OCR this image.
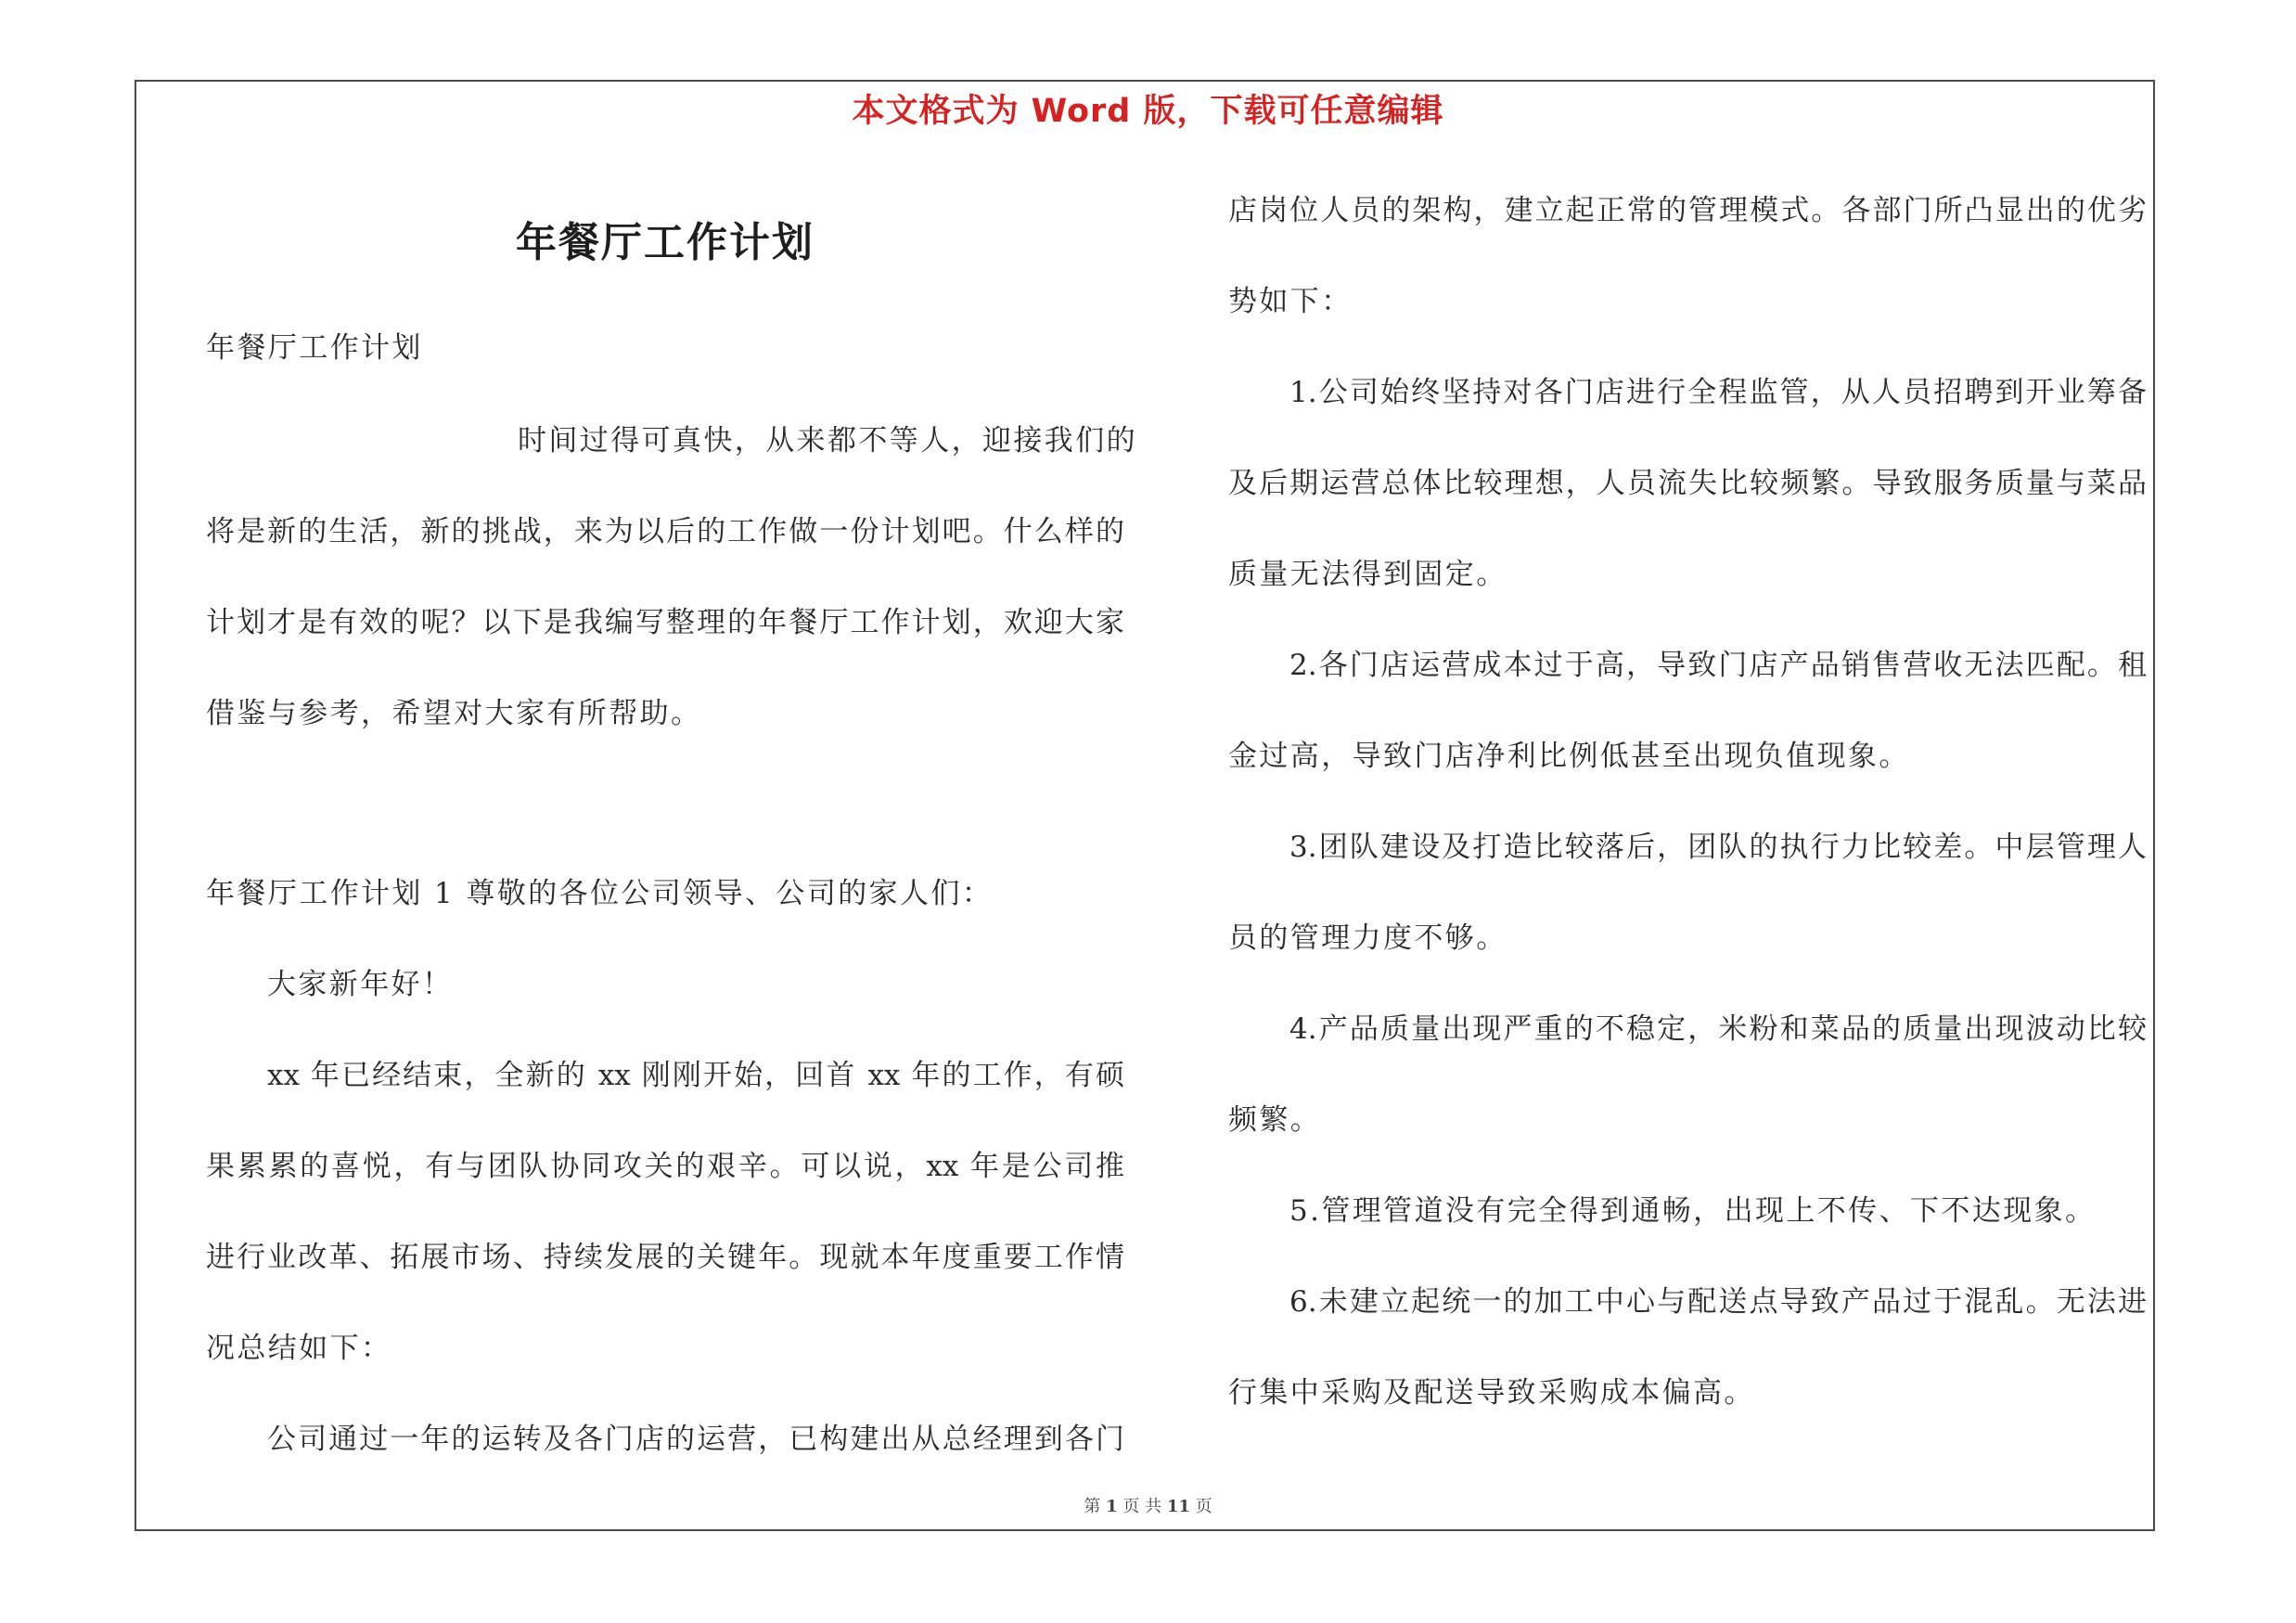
本文格式为 Word 版，下载可任意编辑
年餐厅工作计划
年餐厅工作计划
时间过得可真快，从来都不等人，迎接我们的
将是新的生活，新的挑战，来为以后的工作做一份计划吧。什么样的
计划才是有效的呢？以下是我编写整理的年餐厅工作计划，欢迎大家
借鉴与参考，希望对大家有所帮助。
年餐厅工作计划 1 尊敬的各位公司领导、公司的家人们：
大家新年好！
xx 年已经结束，全新的 xx 刚刚开始，回首 xx 年的工作，有硕
果累累的喜悦，有与团队协同攻关的艰辛。可以说，xx 年是公司推
进行业改革、拓展市场、持续发展的关键年。现就本年度重要工作情
况总结如下：
公司通过一年的运转及各门店的运营，已构建出从总经理到各门
店岗位人员的架构，建立起正常的管理模式。各部门所凸显出的优劣
势如下：
1.公司始终坚持对各门店进行全程监管，从人员招聘到开业筹备
及后期运营总体比较理想，人员流失比较频繁。导致服务质量与菜品
质量无法得到固定。
2.各门店运营成本过于高，导致门店产品销售营收无法匹配。租
金过高，导致门店净利比例低甚至出现负值现象。
3.团队建设及打造比较落后，团队的执行力比较差。中层管理人
员的管理力度不够。
4.产品质量出现严重的不稳定，米粉和菜品的质量出现波动比较
频繁。
5.管理管道没有完全得到通畅，出现上不传、下不达现象。
6.未建立起统一的加工中心与配送点导致产品过于混乱。无法进
行集中采购及配送导致采购成本偏高。
第 1 页 共 11 页
